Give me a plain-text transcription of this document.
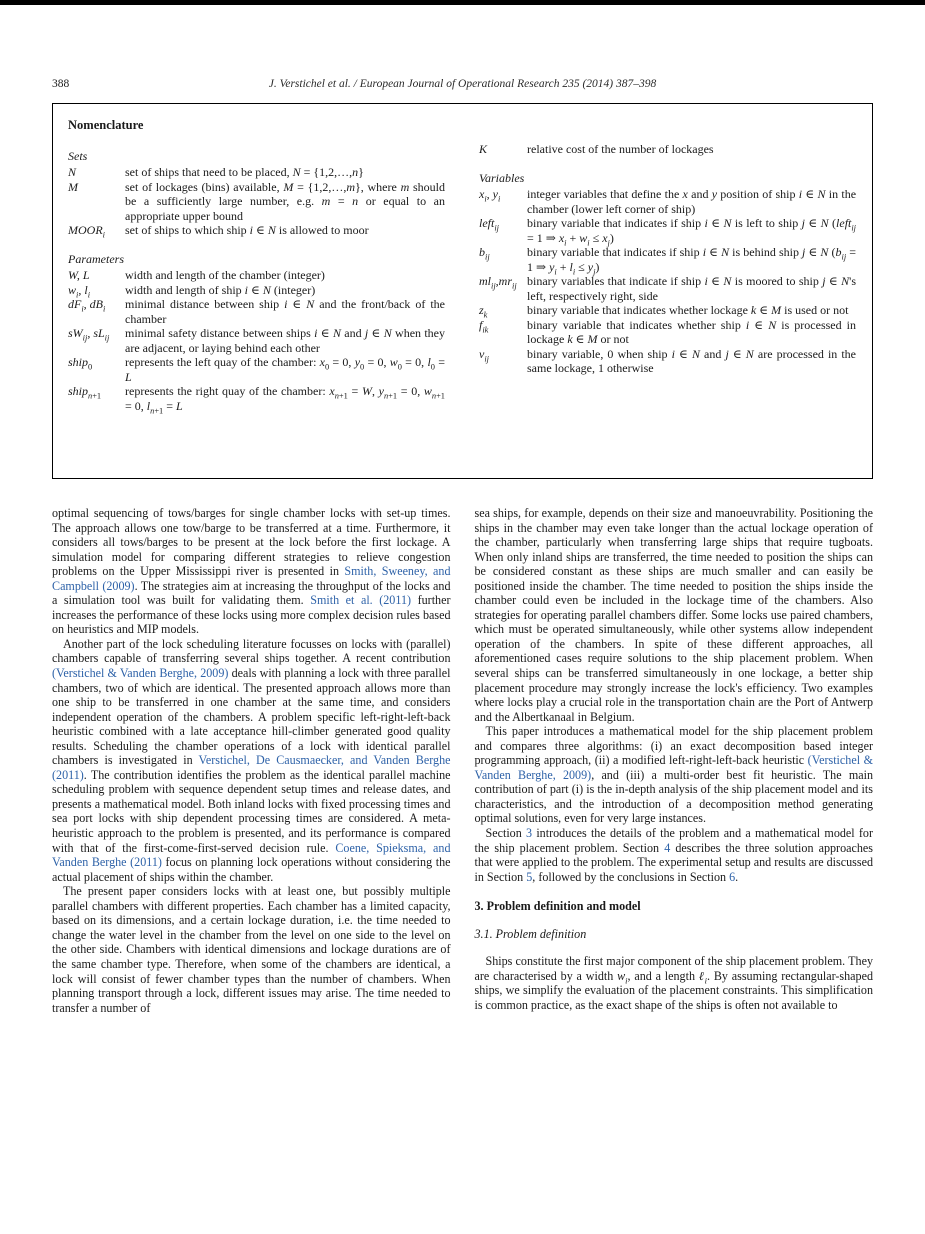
388	J. Verstichel et al. / European Journal of Operational Research 235 (2014) 387–398
Nomenclature
Sets
N	set of ships that need to be placed, N = {1,2,…,n}
M	set of lockages (bins) available, M = {1,2,…,m}, where m should be a sufficiently large number, e.g. m = n or equal to an appropriate upper bound
$MOOR_i$	set of ships to which ship i ∈ N is allowed to moor
Parameters
W, L	width and length of the chamber (integer)
$w_i$, $l_i$	width and length of ship i ∈ N (integer)
$dF_i$, $dB_i$	minimal distance between ship i ∈ N and the front/back of the chamber
$sW_{ij}$, $sL_{ij}$	minimal safety distance between ships i ∈ N and j ∈ N when they are adjacent, or laying behind each other
ship$_0$	represents the left quay of the chamber: $x_0 = 0$, $y_0 = 0$, $w_0 = 0$, $l_0 = L$
ship$_{n+1}$	represents the right quay of the chamber: $x_{n+1} = W$, $y_{n+1} = 0$, $w_{n+1} = 0$, $l_{n+1} = L$
K	relative cost of the number of lockages
Variables
$x_i$, $y_i$	integer variables that define the x and y position of ship i ∈ N in the chamber (lower left corner of ship)
left$_{ij}$	binary variable that indicates if ship i ∈ N is left to ship j ∈ N (left$_{ij}$ = 1 ⇒ $x_i + w_i \le x_j$)
$b_{ij}$	binary variable that indicates if ship i ∈ N is behind ship j ∈ N ($b_{ij} = 1$ ⇒ $y_i + l_i \le y_j$)
$ml_{ij},mr_{ij}$ binary variables that indicate if ship i ∈ N is moored to ship j ∈ N's left, respectively right, side
$z_k$	binary variable that indicates whether lockage k ∈ M is used or not
$f_{ik}$	binary variable that indicates whether ship i ∈ N is processed in lockage k ∈ M or not
$v_{ij}$	binary variable, 0 when ship i ∈ N and j ∈ N are processed in the same lockage, 1 otherwise

optimal sequencing of tows/barges for single chamber locks with set-up times. The approach allows one tow/barge to be transferred at a time. Furthermore, it considers all tows/barges to be present at the lock before the first lockage. A simulation model for comparing different strategies to relieve congestion problems on the Upper Mississippi river is presented in Smith, Sweeney, and Campbell (2009). The strategies aim at increasing the throughput of the locks and a simulation tool was built for validating them. Smith et al. (2011) further increases the performance of these locks using more complex decision rules based on heuristics and MIP models.

Another part of the lock scheduling literature focusses on locks with (parallel) chambers capable of transferring several ships together. A recent contribution (Verstichel & Vanden Berghe, 2009) deals with planning a lock with three parallel chambers, two of which are identical. The presented approach allows more than one ship to be transferred in one chamber at the same time, and considers independent operation of the chambers. A problem specific left-right-left-back heuristic combined with a late acceptance hill-climber generated good quality results. Scheduling the chamber operations of a lock with identical parallel chambers is investigated in Verstichel, De Causmaecker, and Vanden Berghe (2011). The contribution identifies the problem as the identical parallel machine scheduling problem with sequence dependent setup times and release dates, and presents a mathematical model. Both inland locks with fixed processing times and sea port locks with ship dependent processing times are considered. A meta-heuristic approach to the problem is presented, and its performance is compared with that of the first-come-first-served decision rule. Coene, Spieksma, and Vanden Berghe (2011) focus on planning lock operations without considering the actual placement of ships within the chamber.

The present paper considers locks with at least one, but possibly multiple parallel chambers with different properties. Each chamber has a limited capacity, based on its dimensions, and a certain lockage duration, i.e. the time needed to change the water level in the chamber from the level on one side to the level on the other side. Chambers with identical dimensions and lockage durations are of the same chamber type. Therefore, when some of the chambers are identical, a lock will consist of fewer chamber types than the number of chambers. When planning transport through a lock, different issues may arise. The time needed to transfer a number of

sea ships, for example, depends on their size and manoeuvrability. Positioning the ships in the chamber may even take longer than the actual lockage operation of the chamber, particularly when transferring large ships that require tugboats. When only inland ships are transferred, the time needed to position the ships can be considered constant as these ships are much smaller and can easily be positioned inside the chamber. The time needed to position the ships inside the chamber could even be included in the lockage time of the chambers. Also strategies for operating parallel chambers differ. Some locks use paired chambers, which must be operated simultaneously, while other systems allow independent operation of the chambers. In spite of these different approaches, all aforementioned cases require solutions to the ship placement problem. When several ships can be transferred simultaneously in one lockage, a better ship placement procedure may strongly increase the lock's efficiency. Two examples where locks play a crucial role in the transportation chain are the Port of Antwerp and the Albertkanaal in Belgium.

This paper introduces a mathematical model for the ship placement problem and compares three algorithms: (i) an exact decomposition based integer programming approach, (ii) a modified left-right-left-back heuristic (Verstichel & Vanden Berghe, 2009), and (iii) a multi-order best fit heuristic. The main contribution of part (i) is the in-depth analysis of the ship placement model and its characteristics, and the introduction of a decomposition method generating optimal solutions, even for very large instances.

Section 3 introduces the details of the problem and a mathematical model for the ship placement problem. Section 4 describes the three solution approaches that were applied to the problem. The experimental setup and results are discussed in Section 5, followed by the conclusions in Section 6.

3. Problem definition and model
3.1. Problem definition

Ships constitute the first major component of the ship placement problem. They are characterised by a width $w_i$, and a length ℓ$_i$. By assuming rectangular-shaped ships, we simplify the evaluation of the placement constraints. This simplification is common practice, as the exact shape of the ships is often not available to
